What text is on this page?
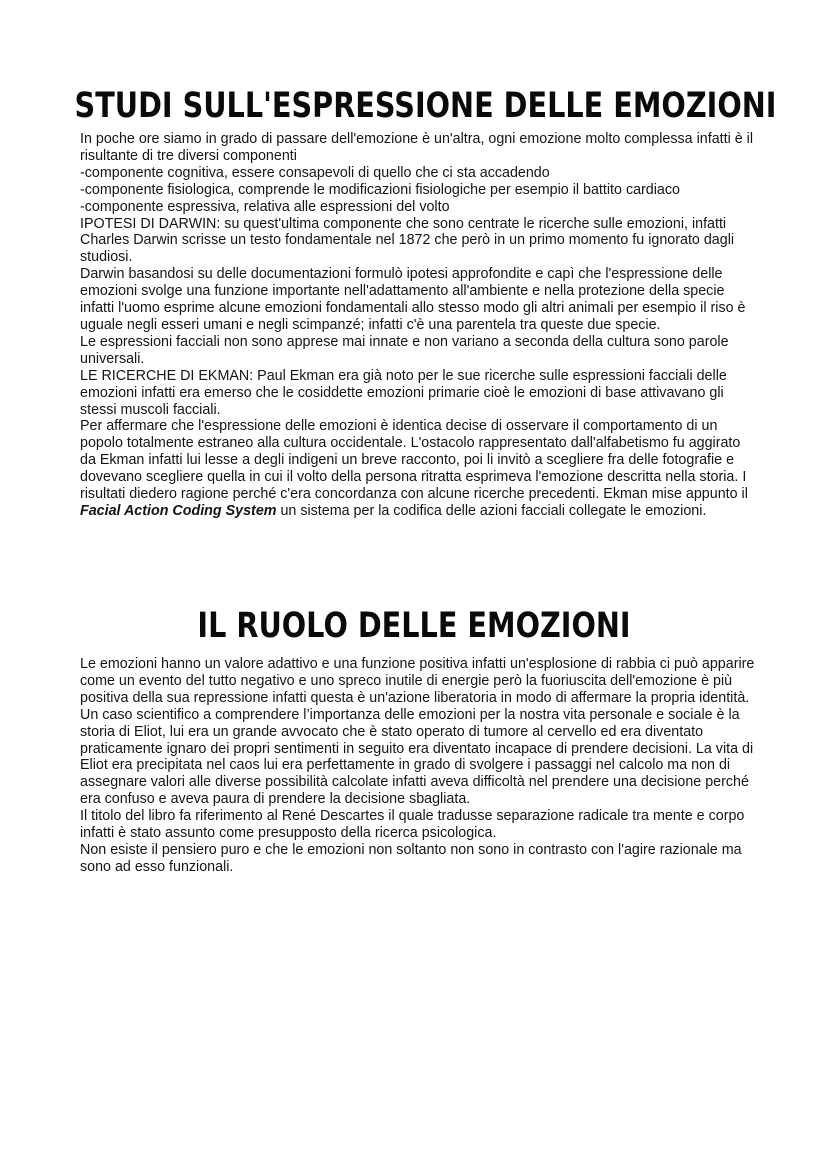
STUDI SULL'ESPRESSIONE DELLE EMOZIONI

In poche ore siamo in grado di passare dell'emozione è un'altra, ogni emozione molto complessa infatti è il risultante di tre diversi componenti

-componente cognitiva, essere consapevoli di quello che ci sta accadendo

-componente fisiologica, comprende le modificazioni fisiologiche per esempio il battito cardiaco

-componente espressiva, relativa alle espressioni del volto

IPOTESI DI DARWIN: su quest'ultima componente che sono centrate le ricerche sulle emozioni, infatti Charles Darwin scrisse un testo fondamentale nel 1872 che però in un primo momento fu ignorato dagli studiosi.

Darwin basandosi su delle documentazioni formulò ipotesi approfondite e capì che l'espressione delle emozioni svolge una funzione importante nell'adattamento all'ambiente e nella protezione della specie infatti l'uomo esprime alcune emozioni fondamentali allo stesso modo gli altri animali per esempio il riso è uguale negli esseri umani e negli scimpanzé; infatti c'è una parentela tra queste due specie.

Le espressioni facciali non sono apprese mai innate e non variano a seconda della cultura sono parole universali.

LE RICERCHE DI EKMAN: Paul Ekman era già noto per le sue ricerche sulle espressioni facciali delle emozioni infatti era emerso che le cosiddette emozioni primarie cioè le emozioni di base attivavano gli stessi muscoli facciali.

Per affermare che l'espressione delle emozioni è identica decise di osservare il comportamento di un popolo totalmente estraneo alla cultura occidentale. L'ostacolo rappresentato dall'alfabetismo fu aggirato da Ekman infatti lui lesse a degli indigeni un breve racconto, poi li invitò a scegliere fra delle fotografie e dovevano scegliere quella in cui il volto della persona ritratta esprimeva l'emozione descritta nella storia. I risultati diedero ragione perché c'era concordanza con alcune ricerche precedenti. Ekman mise appunto il Facial Action Coding System un sistema per la codifica delle azioni facciali collegate le emozioni.

IL RUOLO DELLE EMOZIONI

Le emozioni hanno un valore adattivo e una funzione positiva infatti un'esplosione di rabbia ci può apparire come un evento del tutto negativo e uno spreco inutile di energie però la fuoriuscita dell'emozione è più positiva della sua repressione infatti questa è un'azione liberatoria in modo di affermare la propria identità.

Un caso scientifico a comprendere l’importanza delle emozioni per la nostra vita personale e sociale è la storia di Eliot, lui era un grande avvocato che è stato operato di tumore al cervello ed era diventato praticamente ignaro dei propri sentimenti in seguito era diventato incapace di prendere decisioni. La vita di Eliot era precipitata nel caos lui era perfettamente in grado di svolgere i passaggi nel calcolo ma non di assegnare valori alle diverse possibilità calcolate infatti aveva difficoltà nel prendere una decisione perché era confuso e aveva paura di prendere la decisione sbagliata.

Il titolo del libro fa riferimento al René Descartes il quale tradusse separazione radicale tra mente e corpo infatti è stato assunto come presupposto della ricerca psicologica.

Non esiste il pensiero puro e che le emozioni non soltanto non sono in contrasto con l'agire razionale ma sono ad esso funzionali.
